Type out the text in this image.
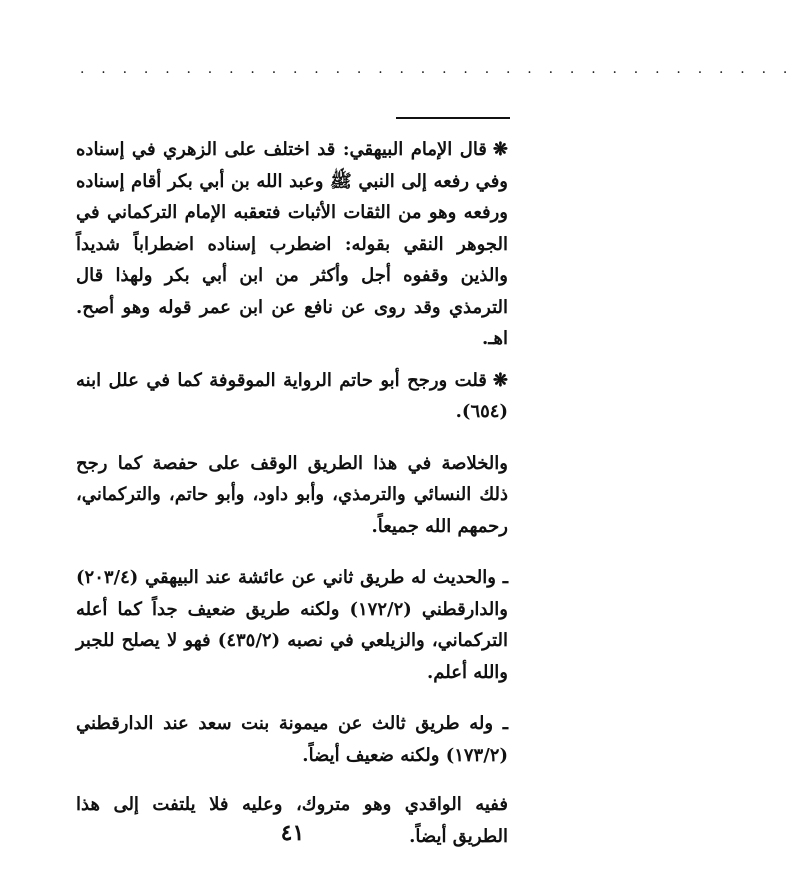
· · · · · · · · · · · · · · · · · · · · · · · · · · · · · · · · · ·

❋قال الإمام البيهقي: قد اختلف على الزهري في إسناده وفي رفعه إلى النبي ﷺ وعبد الله بن أبي بكر أقام إسناده ورفعه وهو من الثقات الأثبات فتعقبه الإمام التركماني في الجوهر النقي بقوله: اضطرب إسناده اضطراباً شديداً والذين وقفوه أجل وأكثر من ابن أبي بكر ولهذا قال الترمذي وقد روى عن نافع عن ابن عمر قوله وهو أصح. اهـ.

❋قلت ورجح أبو حاتم الرواية الموقوفة كما في علل ابنه (٦٥٤).

والخلاصة في هذا الطريق الوقف على حفصة كما رجح ذلك النسائي والترمذي، وأبو داود، وأبو حاتم، والتركماني، رحمهم الله جميعاً.

ـ والحديث له طريق ثاني عن عائشة عند البيهقي (٢٠٣/٤) والدارقطني (١٧٢/٢) ولكنه طريق ضعيف جداً كما أعله التركماني، والزيلعي في نصبه (٤٣٥/٢) فهو لا يصلح للجبر والله أعلم.

ـ وله طريق ثالث عن ميمونة بنت سعد عند الدارقطني (١٧٣/٢) ولكنه ضعيف أيضاً.

ففيه الواقدي وهو متروك، وعليه فلا يلتفت إلى هذا الطريق أيضاً.

٤١
